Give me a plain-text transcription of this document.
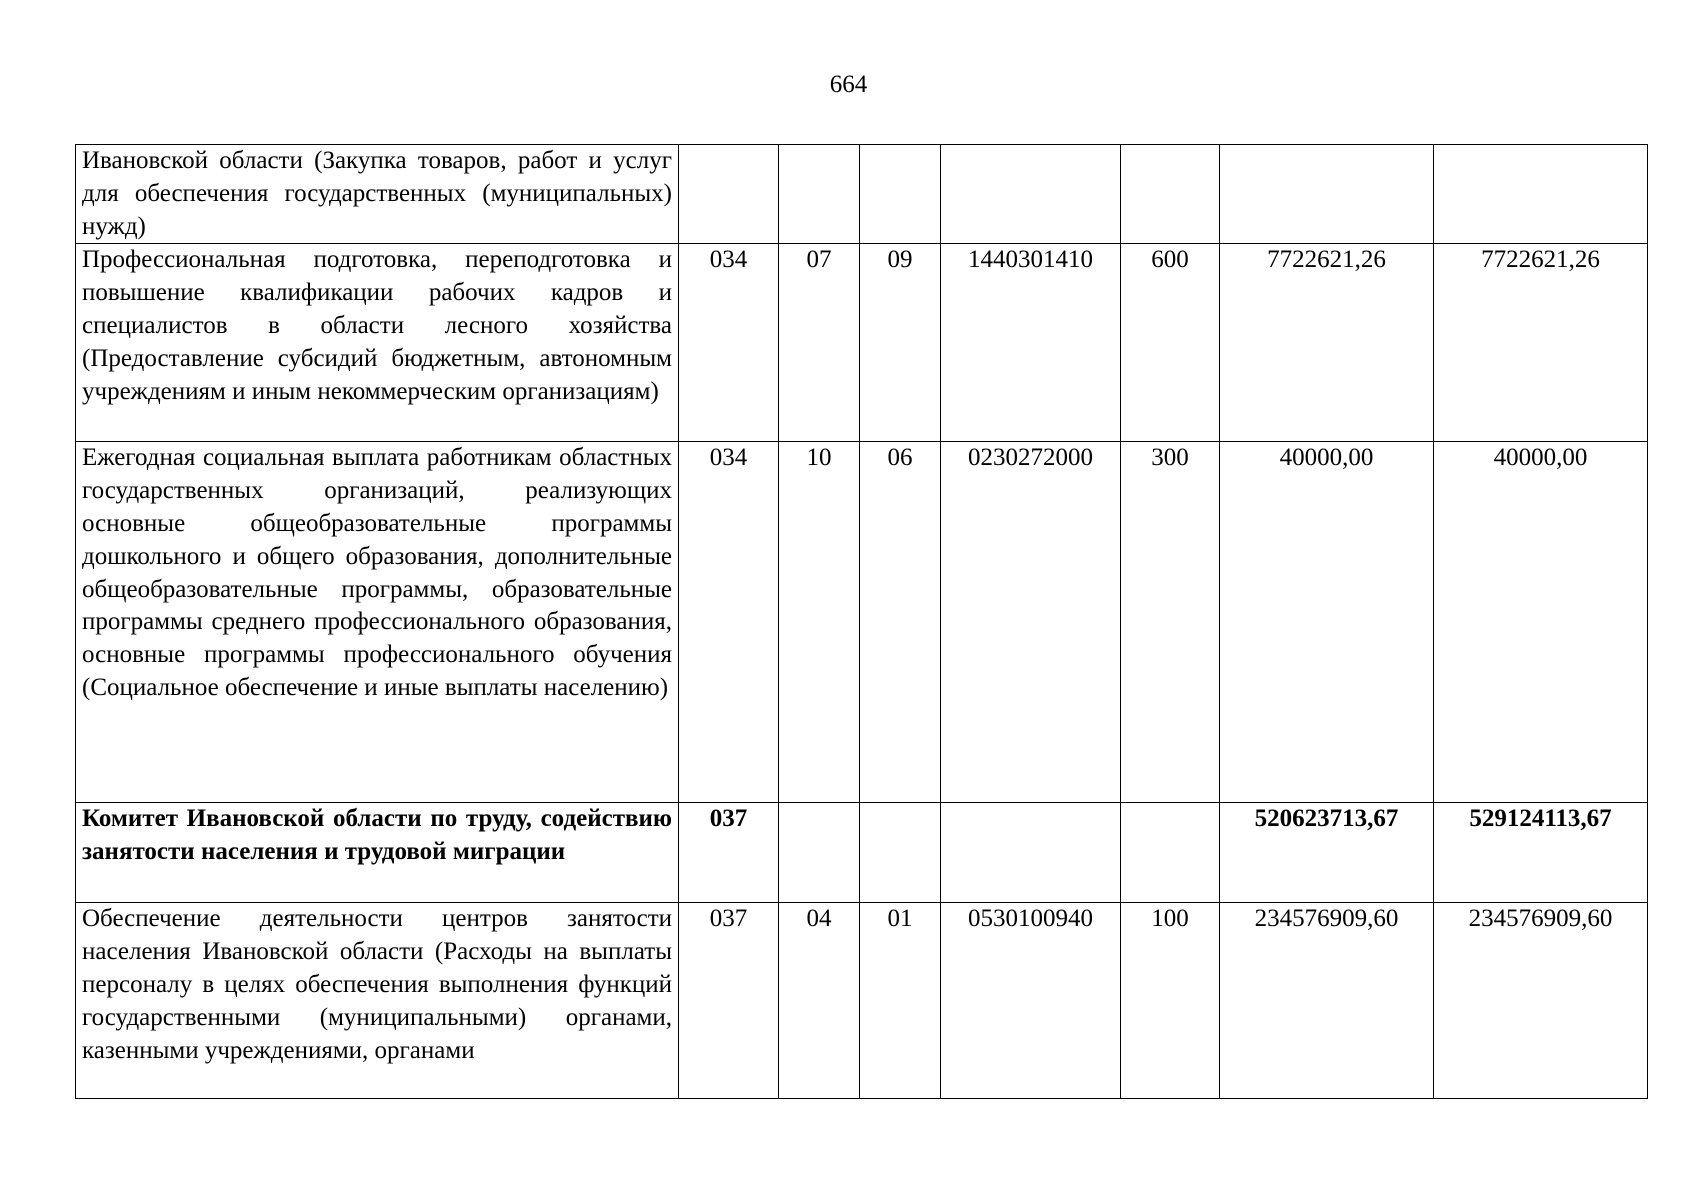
664
Ивановской области (Закупка товаров, работ и услуг для обеспечения государственных (муниципальных) нужд)							
Профессиональная подготовка, переподготовка и повышение квалификации рабочих кадров и специалистов в области лесного хозяйства (Предоставление субсидий бюджетным, автономным учреждениям и иным некоммерческим организациям)	034	07	09	1440301410	600	7722621,26	7722621,26
Ежегодная социальная выплата работникам областных государственных организаций, реализующих основные общеобразовательные программы дошкольного и общего образования, дополнительные общеобразовательные программы, образовательные программы среднего профессионального образования, основные программы профессионального обучения (Социальное обеспечение и иные выплаты населению)	034	10	06	0230272000	300	40000,00	40000,00
Комитет Ивановской области по труду, содействию занятости населения и трудовой миграции	037					520623713,67	529124113,67
Обеспечение деятельности центров занятости населения Ивановской области (Расходы на выплаты персоналу в целях обеспечения выполнения функций государственными (муниципальными) органами, казенными учреждениями, органами	037	04	01	0530100940	100	234576909,60	234576909,60
